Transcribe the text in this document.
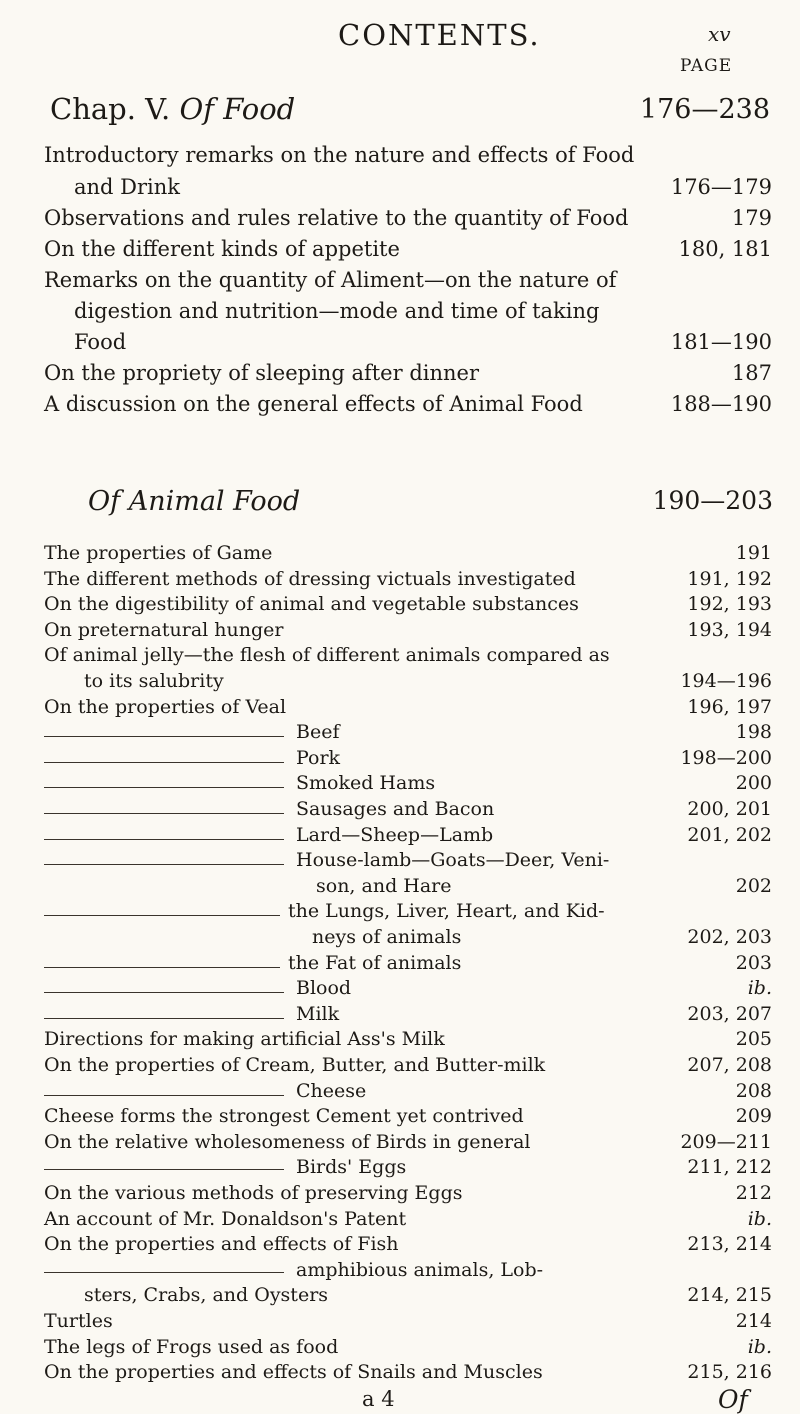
CONTENTS.	xv
PAGE
Chap. V. Of Food	176—238
Introductory remarks on the nature and effects of Food
and Drink	176—179
Observations and rules relative to the quantity of Food	179
On the different kinds of appetite	180, 181
Remarks on the quantity of Aliment—on the nature of
digestion and nutrition—mode and time of taking
Food	181—190
On the propriety of sleeping after dinner	187
A discussion on the general effects of Animal Food	188—190
Of Animal Food	190—203
The properties of Game	191
The different methods of dressing victuals investigated	191, 192
On the digestibility of animal and vegetable substances	192, 193
On preternatural hunger	193, 194
Of animal jelly—the flesh of different animals compared as
to its salubrity	194—196
On the properties of Veal	196, 197
Beef	198
Pork	198—200
Smoked Hams	200
Sausages and Bacon	200, 201
Lard—Sheep—Lamb	201, 202
House-lamb—Goats—Deer, Veni-
son, and Hare	202
the Lungs, Liver, Heart, and Kid-
neys of animals	202, 203
the Fat of animals	203
Blood	ib.
Milk	203, 207
Directions for making artificial Ass's Milk	205
On the properties of Cream, Butter, and Butter-milk	207, 208
Cheese	208
Cheese forms the strongest Cement yet contrived	209
On the relative wholesomeness of Birds in general	209—211
Birds' Eggs	211, 212
On the various methods of preserving Eggs	212
An account of Mr. Donaldson's Patent	ib.
On the properties and effects of Fish	213, 214
amphibious animals, Lob-
sters, Crabs, and Oysters	214, 215
Turtles	214
The legs of Frogs used as food	ib.
On the properties and effects of Snails and Muscles	215, 216
a 4	Of
